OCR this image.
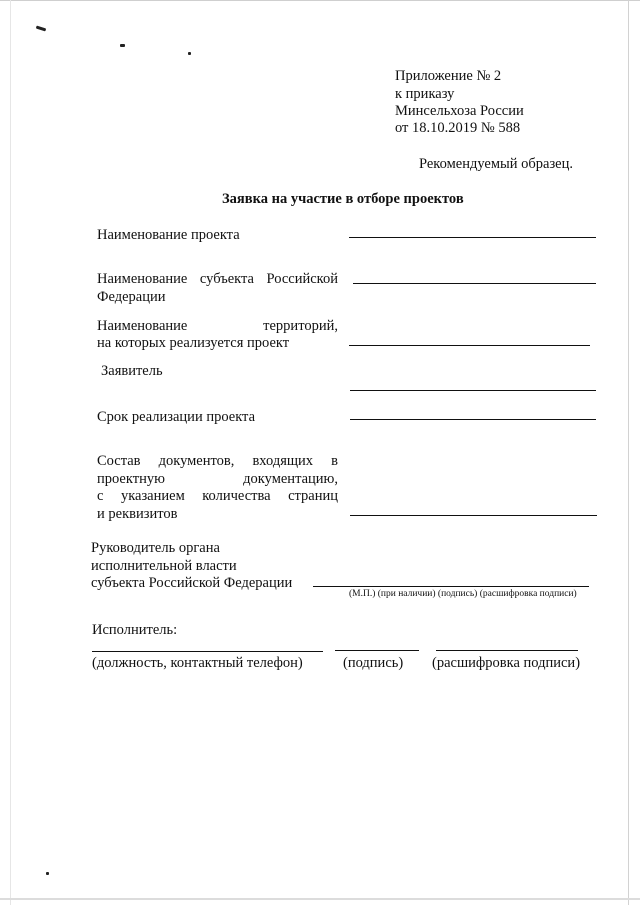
Приложение № 2
к приказу
Минсельхоза России
от 18.10.2019 № 588
Рекомендуемый образец.
Заявка на участие в отборе проектов
Наименование проекта
Наименование субъекта Российской
Федерации
Наименование территорий,
на которых реализуется проект
Заявитель
Срок реализации проекта
Состав документов, входящих в
проектную документацию,
с указанием количества страниц
и реквизитов
Руководитель органа
исполнительной власти
субъекта Российской Федерации
(М.П.) (при наличии) (подпись) (расшифровка подписи)
Исполнитель:
(должность, контактный телефон)	(подпись) (расшифровка подписи)
